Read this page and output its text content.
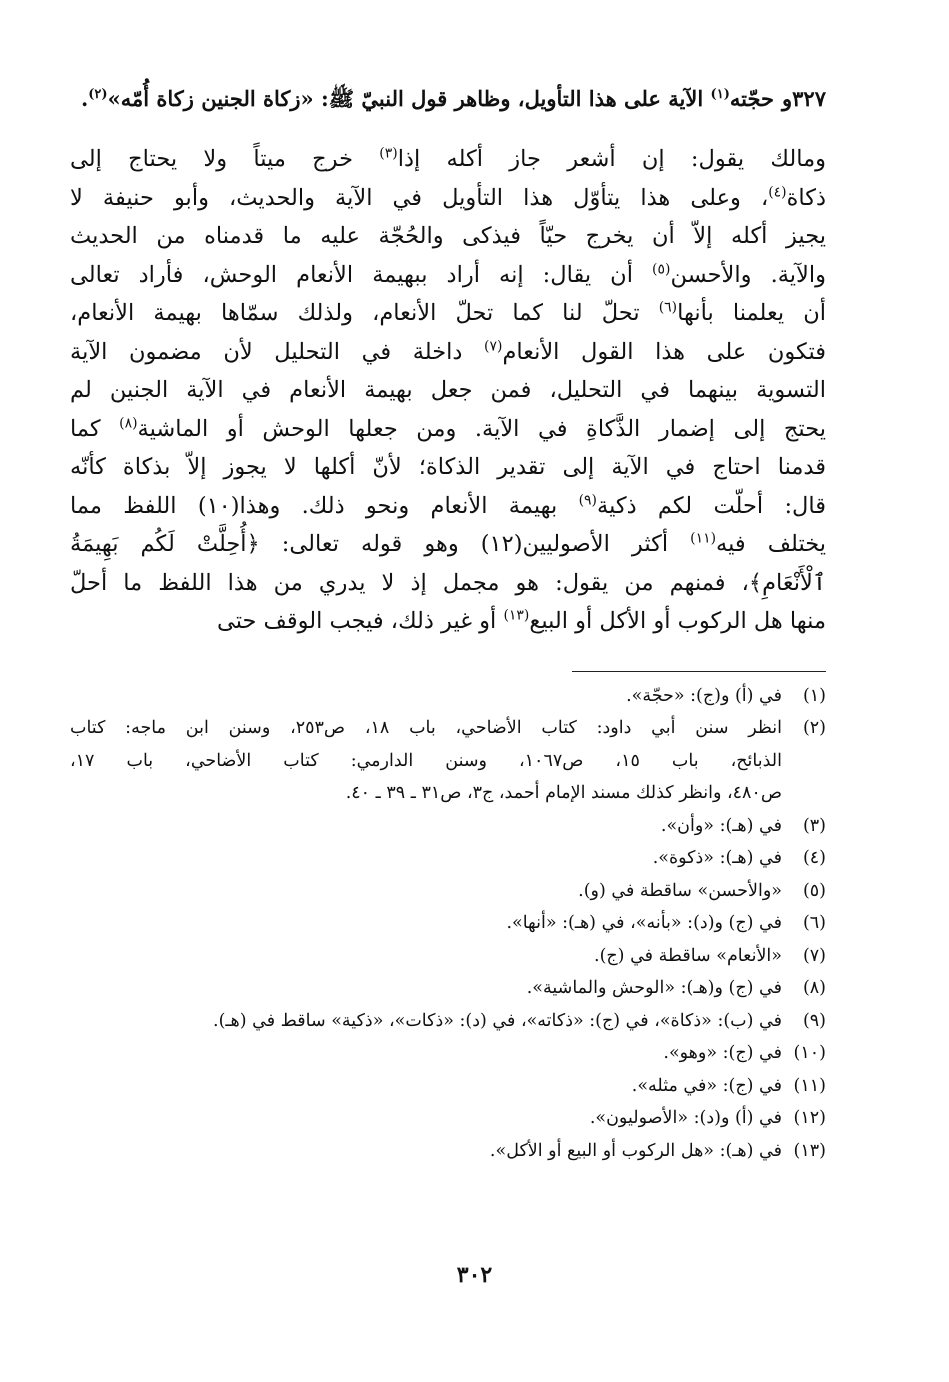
٣٢٧و
حجّته$^{(١)}$ الآية على هذا التأويل، وظاهر قول النبيّ ﷺ: «زكاة الجنين زكاة أُمّه»$^{(٢)}$.
ومالك يقول: إن أشعر جاز أكله إذا$^{(٣)}$ خرج ميتاً ولا يحتاج إلى
ذكاة$^{(٤)}$، وعلى هذا يتأوّل هذا التأويل في الآية والحديث، وأبو حنيفة لا
يجيز أكله إلاّ أن يخرج حيّاً فيذكى والحُجّة عليه ما قدمناه من الحديث
والآية. والأحسن$^{(٥)}$ أن يقال: إنه أراد ببهيمة الأنعام الوحش، فأراد تعالى
أن يعلمنا بأنها$^{(٦)}$ تحلّ لنا كما تحلّ الأنعام، ولذلك سمّاها بهيمة الأنعام،
فتكون على هذا القول الأنعام$^{(٧)}$ داخلة في التحليل لأن مضمون الآية
التسوية بينهما في التحليل، فمن جعل بهيمة الأنعام في الآية الجنين لم
يحتج إلى إضمار الذَّكاةِ في الآية. ومن جعلها الوحش أو الماشية$^{(٨)}$ كما
قدمنا احتاج في الآية إلى تقدير الذكاة؛ لأنّ أكلها لا يجوز إلاّ بذكاة كأنّه
قال: أحلّت لكم ذكية$^{(٩)}$ بهيمة الأنعام ونحو ذلك. وهذا(١٠) اللفظ مما
يختلف فيه$^{(١١)}$ أكثر الأصوليين(١٢) وهو قوله تعالى: ﴿أُحِلَّتْ لَكُم بَهِيمَةُ
ٱلْأَنْعَامِ﴾، فمنهم من يقول: هو مجمل إذ لا يدري من هذا اللفظ ما أحلّ
منها هل الركوب أو الأكل أو البيع$^{(١٣)}$ أو غير ذلك، فيجب الوقف حتى
(١)
في (أ) و(ج): «حجّة».
(٢)
انظر سنن أبي داود: كتاب الأضاحي، باب ١٨، ص٢٥٣، وسنن ابن ماجه: كتاب
الذبائح، باب ١٥، ص١٠٦٧، وسنن الدارمي: كتاب الأضاحي، باب ١٧،
ص٤٨٠، وانظر كذلك مسند الإمام أحمد، ج٣، ص٣١ ـ ٣٩ ـ ٤٠.
(٣)
في (هـ): «وأن».
(٤)
في (هـ): «ذكوة».
(٥)
«والأحسن» ساقطة في (و).
(٦)
في (ج) و(د): «بأنه»، في (هـ): «أنها».
(٧)
«الأنعام» ساقطة في (ج).
(٨)
في (ج) و(هـ): «الوحش والماشية».
(٩)
في (ب): «ذكاة»، في (ج): «ذكاته»، في (د): «ذكات»، «ذكية» ساقط في (هـ).
(١٠)
في (ج): «وهو».
(١١)
في (ج): «في مثله».
(١٢)
في (أ) و(د): «الأصوليون».
(١٣)
في (هـ): «هل الركوب أو البيع أو الأكل».
٣٠٢
